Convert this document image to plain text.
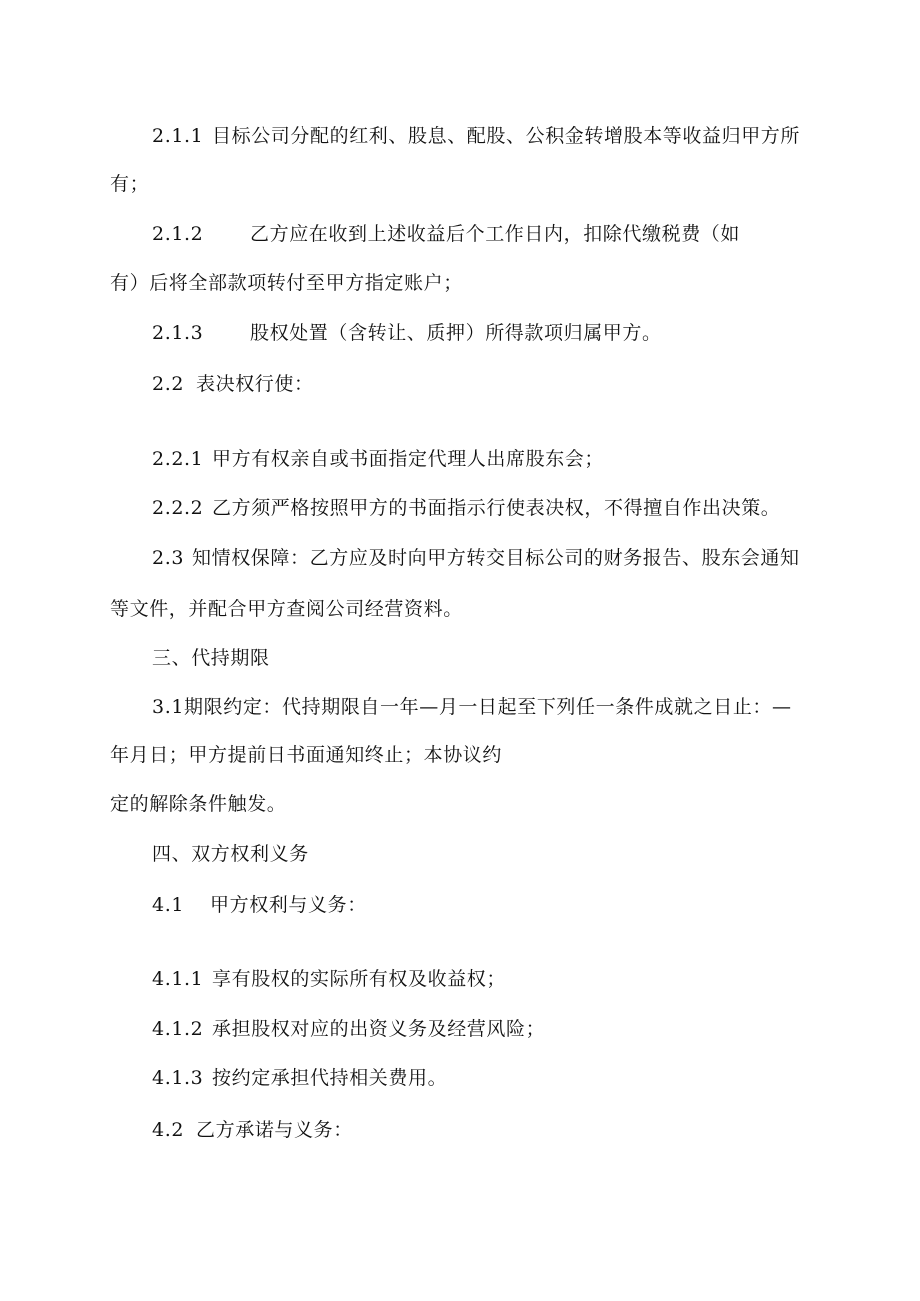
2.1.1 目标公司分配的红利、股息、配股、公积金转增股本等收益归甲方所
有；
2.1.2 乙方应在收到上述收益后个工作日内，扣除代缴税费（如
有）后将全部款项转付至甲方指定账户；
2.1.3 股权处置（含转让、质押）所得款项归属甲方。
2.2 表决权行使：
2.2.1 甲方有权亲自或书面指定代理人出席股东会；
2.2.2 乙方须严格按照甲方的书面指示行使表决权，不得擅自作出决策。
2.3 知情权保障：乙方应及时向甲方转交目标公司的财务报告、股东会通知
等文件，并配合甲方查阅公司经营资料。
三、代持期限
3.1期限约定：代持期限自一年—月一日起至下列任一条件成就之日止：—
年月日；甲方提前日书面通知终止；本协议约
定的解除条件触发。
四、双方权利义务
4.1 甲方权利与义务：
4.1.1 享有股权的实际所有权及收益权；
4.1.2 承担股权对应的出资义务及经营风险；
4.1.3 按约定承担代持相关费用。
4.2 乙方承诺与义务：
